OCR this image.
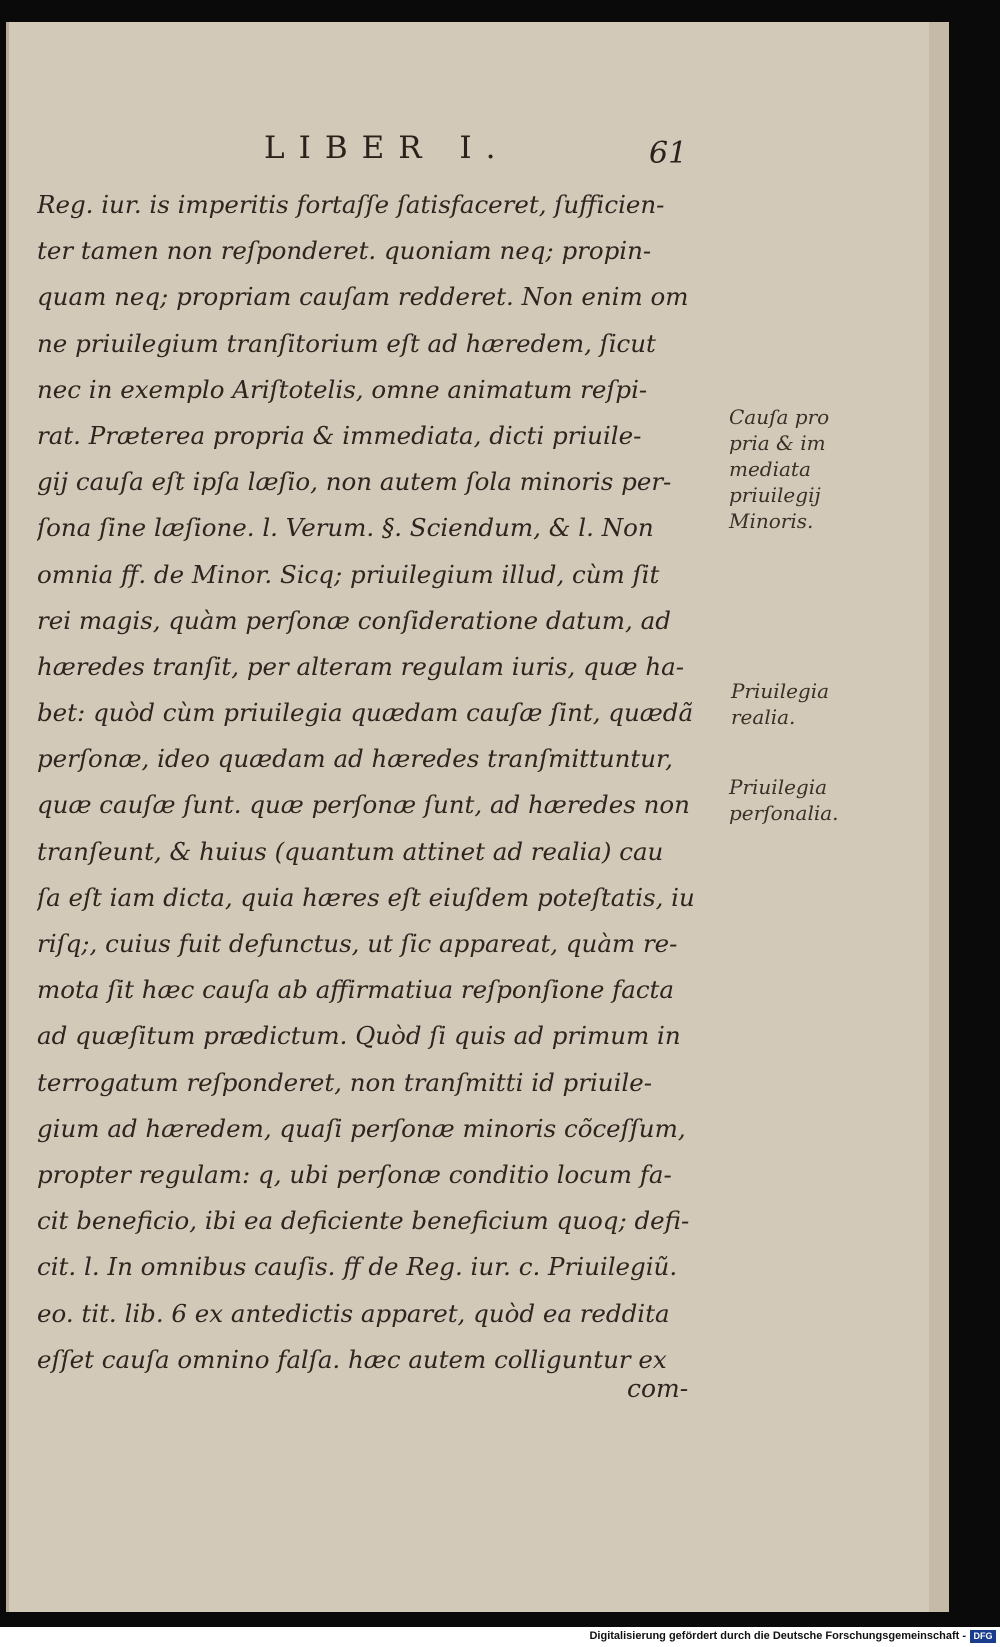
LIBER I.	61
Reg. iur. is imperitis fortaſſe ſatisfaceret, ſufficien-
ter tamen non reſponderet. quoniam neq; propin-
quam neq; propriam cauſam redderet. Non enim om
ne priuilegium tranſitorium eſt ad hæredem, ſicut
nec in exemplo Ariſtotelis, omne animatum reſpi-
rat. Præterea propria & immediata, dicti priuile-
gij cauſa eſt ipſa læſio, non autem ſola minoris per-
ſona ſine læſione. l. Verum. §. Sciendum, & l. Non
omnia ff. de Minor. Sicq; priuilegium illud, cùm ſit
rei magis, quàm perſonæ conſideratione datum, ad
hæredes tranſit, per alteram regulam iuris, quæ ha-
bet: quòd cùm priuilegia quædam cauſæ ſint, quædã
perſonæ, ideo quædam ad hæredes tranſmittuntur,
quæ cauſæ ſunt. quæ perſonæ ſunt, ad hæredes non
tranſeunt, & huius (quantum attinet ad realia) cau
ſa eſt iam dicta, quia hæres eſt eiuſdem poteſtatis, iu
riſq;, cuius fuit defunctus, ut ſic appareat, quàm re-
mota ſit hæc cauſa ab affirmatiua reſponſione facta
ad quæſitum prædictum. Quòd ſi quis ad primum in
terrogatum reſponderet, non tranſmitti id priuile-
gium ad hæredem, quaſi perſonæ minoris cõceſſum,
propter regulam: q, ubi perſonæ conditio locum fa-
cit beneficio, ibi ea deficiente beneficium quoq; defi-
cit. l. In omnibus cauſis. ff de Reg. iur. c. Priuilegiũ.
eo. tit. lib. 6 ex antedictis apparet, quòd ea reddita
eſſet cauſa omnino falſa. hæc autem colliguntur ex
com-
Cauſa pro
pria & im
mediata
priuilegij
Minoris.
Priuilegia
realia.
Priuilegia
perſonalia.
Digitalisierung gefördert durch die Deutsche Forschungsgemeinschaft - DFG
